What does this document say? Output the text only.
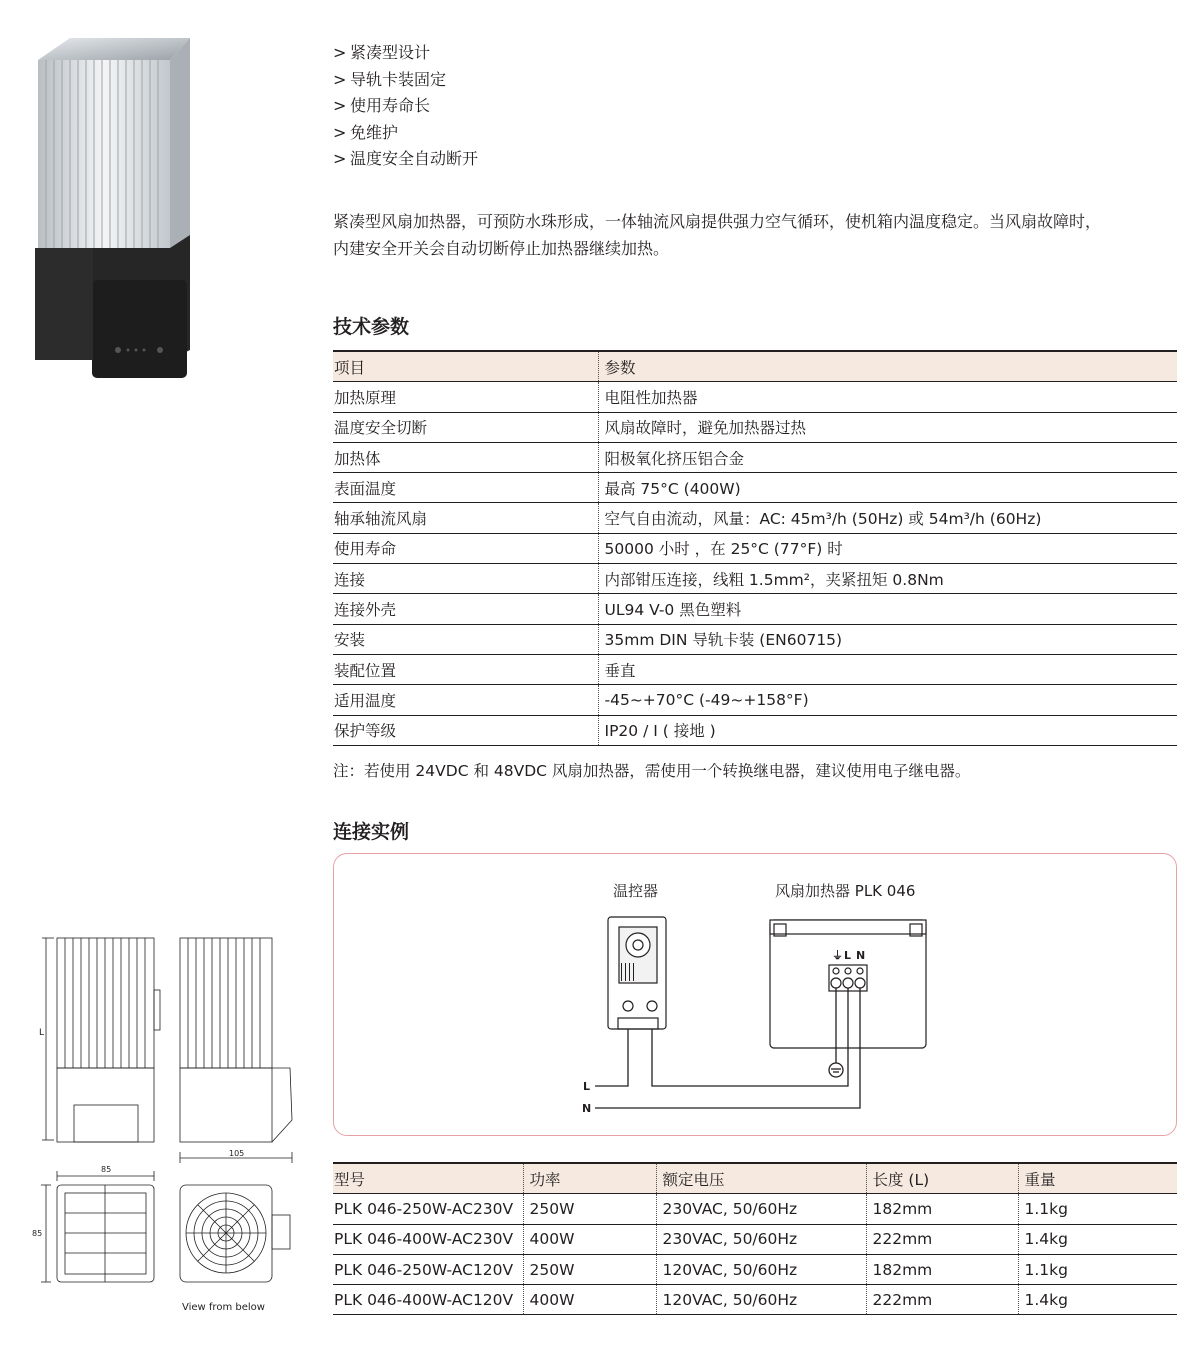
> 紧凑型设计
> 导轨卡装固定
> 使用寿命长
> 免维护
> 温度安全自动断开
紧凑型风扇加热器，可预防水珠形成，一体轴流风扇提供强力空气循环，使机箱内温度稳定。当风扇故障时，
内建安全开关会自动切断停止加热器继续加热。
技术参数
项目	参数
加热原理	电阻性加热器
温度安全切断	风扇故障时，避免加热器过热
加热体	阳极氧化挤压铝合金
表面温度	最高 75°C (400W)
轴承轴流风扇	空气自由流动，风量：AC: 45m³/h (50Hz) 或 54m³/h (60Hz)
使用寿命	50000 小时 ，在 25°C (77°F) 时
连接	内部钳压连接，线粗 1.5mm²，夹紧扭矩 0.8Nm
连接外壳	UL94 V-0 黑色塑料
安装	35mm DIN 导轨卡装 (EN60715)
装配位置	垂直
适用温度	-45~+70°C (-49~+158°F)
保护等级	IP20 / I ( 接地 )
注：若使用 24VDC 和 48VDC 风扇加热器，需使用一个转换继电器，建议使用电子继电器。
连接实例
温控器	风扇加热器 PLK 046
⏚ L N
L
N
L
105
85
85
View from below
型号	功率	额定电压	长度 (L)	重量
PLK 046-250W-AC230V	250W	230VAC, 50/60Hz	182mm	1.1kg
PLK 046-400W-AC230V	400W	230VAC, 50/60Hz	222mm	1.4kg
PLK 046-250W-AC120V	250W	120VAC, 50/60Hz	182mm	1.1kg
PLK 046-400W-AC120V	400W	120VAC, 50/60Hz	222mm	1.4kg
